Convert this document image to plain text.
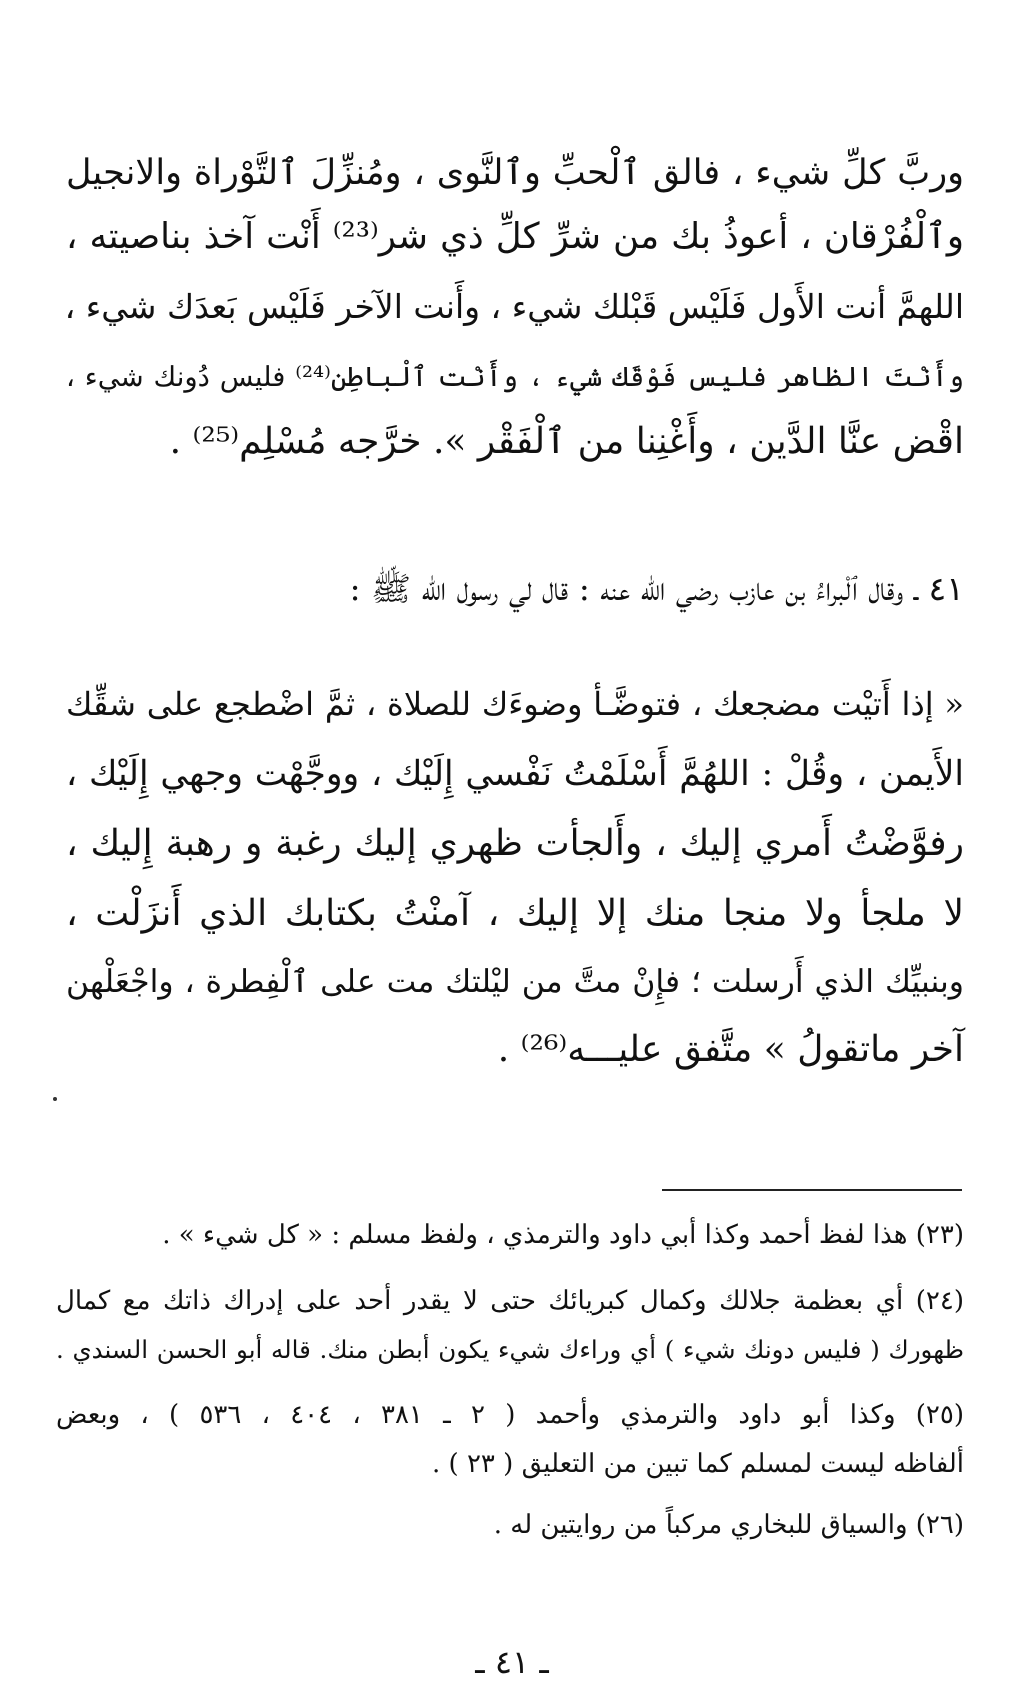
وربَّ كلِّ شيء ، فالق ٱلْحبِّ وٱلنَّوى ، ومُنزِّلَ ٱلتَّوْراة والانجيل
وٱلْفُرْقان ، أعوذُ بك من شرِّ كلِّ ذي شر⁽²³⁾ أَنْت آخذ بناصيته ،
اللهمَّ أنت الأَول فَلَيْس قَبْلك شيء ، وأَنت الآخر فَلَيْس بَعدَك شيء ،
وأَنْتَ الظاهر فليس فَوْقَك شيء ، وأَنْت ٱلْباطِن⁽²⁴⁾ فليس دُونك شيء ،
اقْض عنَّا الدَّين ، وأَغْنِنا من ٱلْفَقْر ». خرَّجه مُسْلِم⁽²⁵⁾ .
٤١ ـ وقال ٱلْبراءُ بن عازب رضي الله عنه : قال لي رسول الله ﷺ :
« إذا أَتيْت مضجعك ، فتوضَّـأ وضوءَك للصلاة ، ثمَّ اضْطجع على شقِّك
الأَيمن ، وقُلْ : اللهُمَّ أَسْلَمْتُ نَفْسي إِلَيْك ، ووجَّهْت وجهي إِلَيْك ،
رفوَّضْتُ أَمري إليك ، وأَلجأت ظهري إليك رغبة و رهبة إِليك ،
لا ملجأ ولا منجا منك إلا إليك ، آمنْتُ بكتابك الذي أَنزَلْت ،
وبنبيِّك الذي أَرسلت ؛ فإِنْ متَّ من ليْلتك مت على ٱلْفِطرة ، واجْعَلْهن
آخر ماتقولُ » متَّفق عليـــه⁽²⁶⁾ .
(٢٣) هذا لفظ أحمد وكذا أبي داود والترمذي ، ولفظ مسلم : « كل شيء » .
(٢٤) أي بعظمة جلالك وكمال كبريائك حتى لا يقدر أحد على إدراك ذاتك مع كمال
ظهورك ( فليس دونك شيء ) أي وراءك شيء يكون أبطن منك. قاله أبو الحسن السندي .
(٢٥) وكذا أبو داود والترمذي وأحمد ( ٢ ـ ٣٨١ ، ٤٠٤ ، ٥٣٦ ) ، وبعض
ألفاظه ليست لمسلم كما تبين من التعليق ( ٢٣ ) .
(٢٦) والسياق للبخاري مركباً من روايتين له .
ـ ٤١ ـ
